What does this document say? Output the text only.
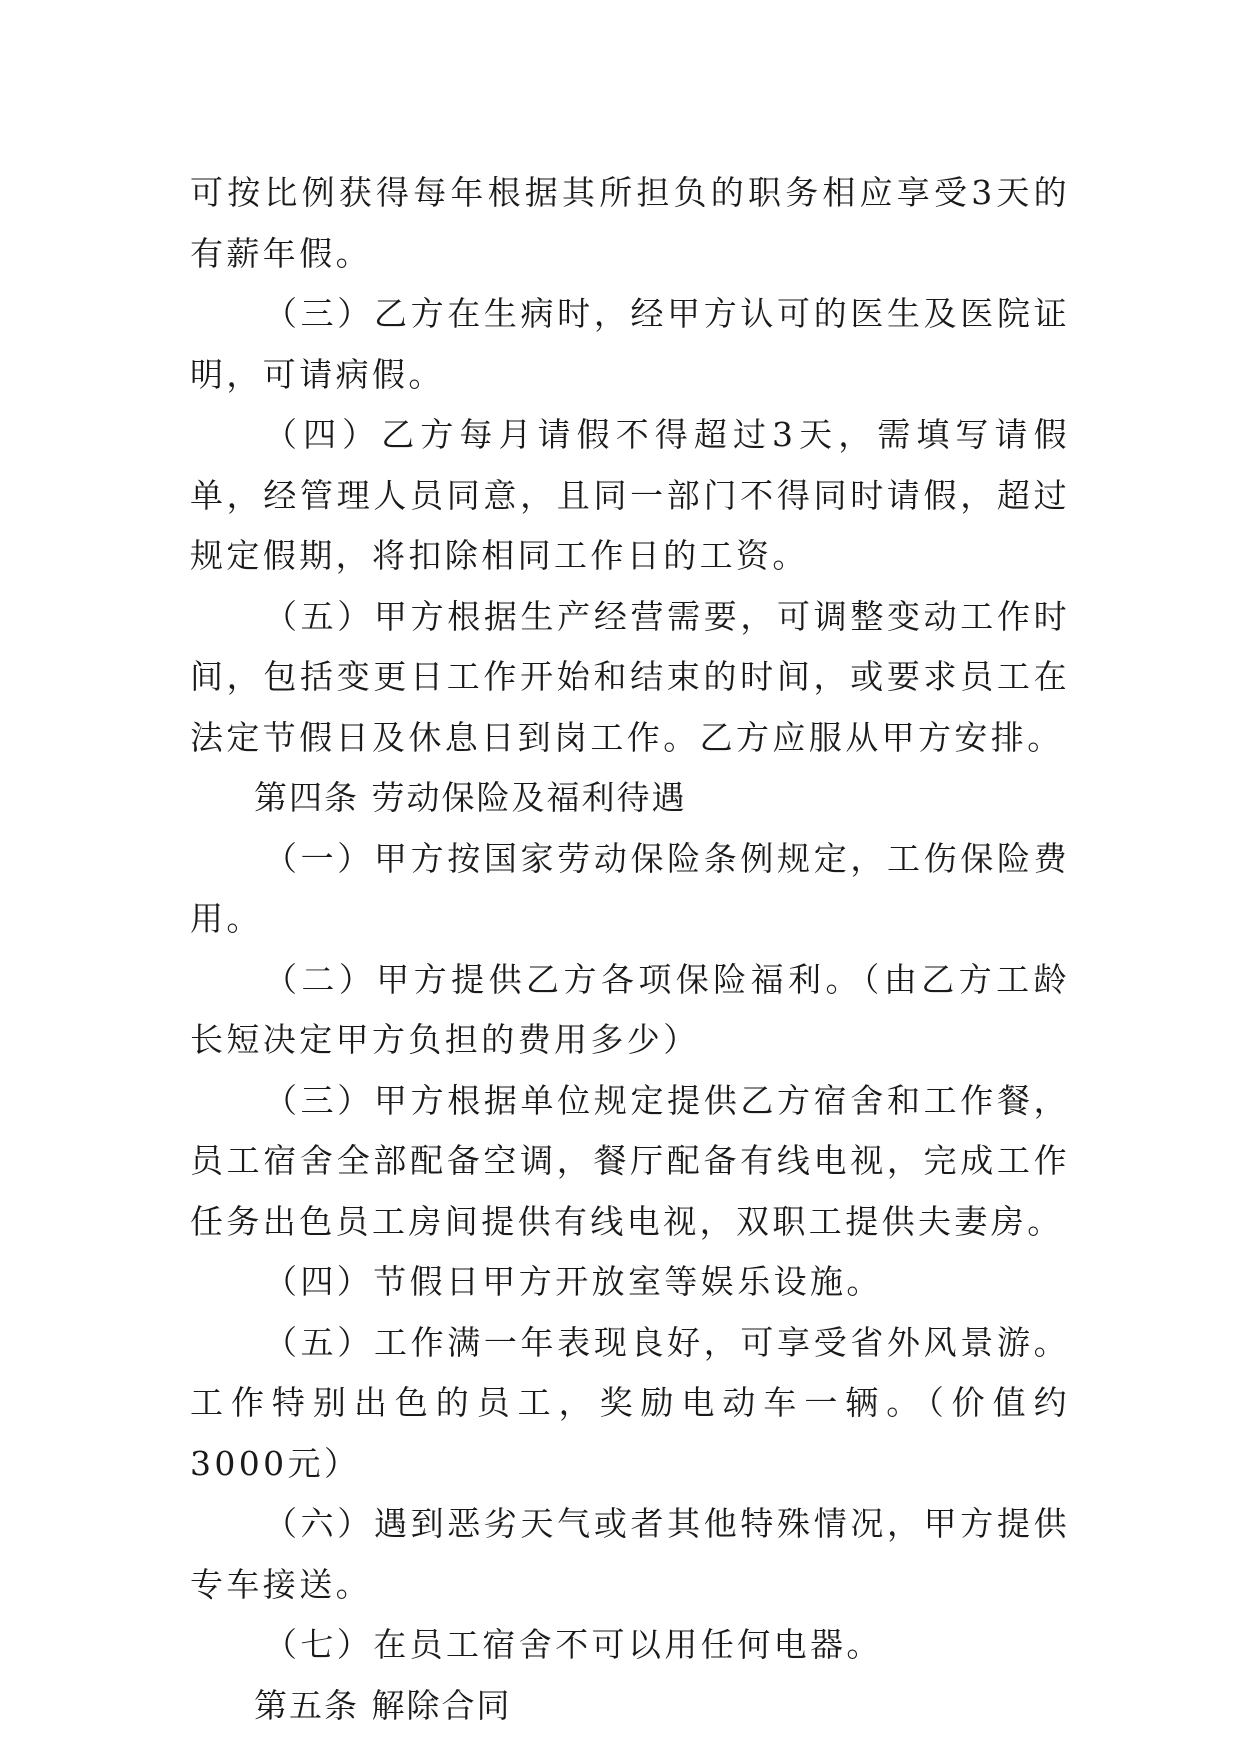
可按比例获得每年根据其所担负的职务相应享受3天的有薪年假。

（三）乙方在生病时，经甲方认可的医生及医院证明，可请病假。

（四）乙方每月请假不得超过3天，需填写请假单，经管理人员同意，且同一部门不得同时请假，超过规定假期，将扣除相同工作日的工资。

（五）甲方根据生产经营需要，可调整变动工作时间，包括变更日工作开始和结束的时间，或要求员工在法定节假日及休息日到岗工作。乙方应服从甲方安排。

第四条 劳动保险及福利待遇

（一）甲方按国家劳动保险条例规定，工伤保险费用。

（二）甲方提供乙方各项保险福利。（由乙方工龄长短决定甲方负担的费用多少）

（三）甲方根据单位规定提供乙方宿舍和工作餐，员工宿舍全部配备空调，餐厅配备有线电视，完成工作任务出色员工房间提供有线电视，双职工提供夫妻房。

（四）节假日甲方开放室等娱乐设施。

（五）工作满一年表现良好，可享受省外风景游。工作特别出色的员工，奖励电动车一辆。（价值约3000元）

（六）遇到恶劣天气或者其他特殊情况，甲方提供专车接送。

（七）在员工宿舍不可以用任何电器。

第五条 解除合同
